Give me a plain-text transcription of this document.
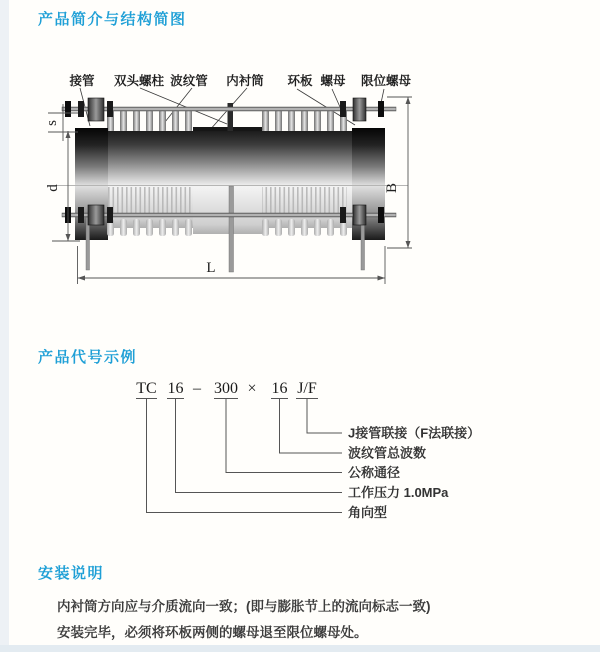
产品简介与结构简图
接管 双头螺柱 波纹管 内衬筒 环板 螺母 限位螺母
s
d	B
L
产品代号示例
TC 16 – 300 × 16 J/F
J接管联接（F法联接）
波纹管总波数
公称通径
工作压力 1.0MPa
角向型
安装说明
内衬筒方向应与介质流向一致；(即与膨胀节上的流向标志一致)
安装完毕，必须将环板两侧的螺母退至限位螺母处。
